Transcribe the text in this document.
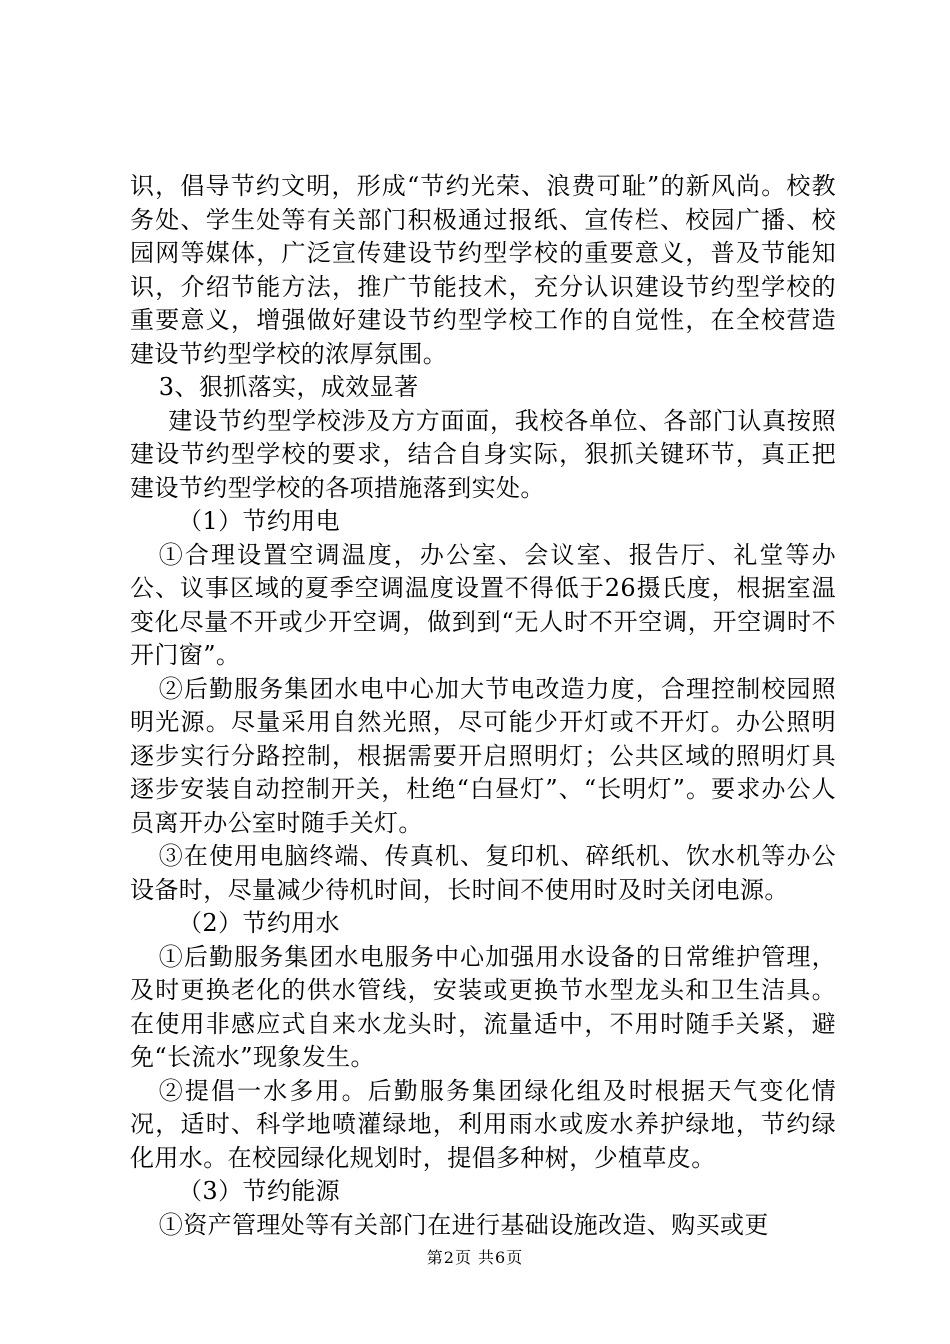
识，倡导节约文明，形成“节约光荣、浪费可耻”的新风尚。校教务处、学生处等有关部门积极通过报纸、宣传栏、校园广播、校园网等媒体，广泛宣传建设节约型学校的重要意义，普及节能知识，介绍节能方法，推广节能技术，充分认识建设节约型学校的重要意义，增强做好建设节约型学校工作的自觉性，在全校营造建设节约型学校的浓厚氛围。

3、狠抓落实，成效显著

建设节约型学校涉及方方面面，我校各单位、各部门认真按照建设节约型学校的要求，结合自身实际，狠抓关键环节，真正把建设节约型学校的各项措施落到实处。

（1）节约用电

①合理设置空调温度，办公室、会议室、报告厅、礼堂等办公、议事区域的夏季空调温度设置不得低于26摄氏度，根据室温变化尽量不开或少开空调，做到到“无人时不开空调，开空调时不开门窗”。

②后勤服务集团水电中心加大节电改造力度，合理控制校园照明光源。尽量采用自然光照，尽可能少开灯或不开灯。办公照明逐步实行分路控制，根据需要开启照明灯；公共区域的照明灯具逐步安装自动控制开关，杜绝“白昼灯”、“长明灯”。要求办公人员离开办公室时随手关灯。

③在使用电脑终端、传真机、复印机、碎纸机、饮水机等办公设备时，尽量减少待机时间，长时间不使用时及时关闭电源。

（2）节约用水

①后勤服务集团水电服务中心加强用水设备的日常维护管理，及时更换老化的供水管线，安装或更换节水型龙头和卫生洁具。在使用非感应式自来水龙头时，流量适中，不用时随手关紧，避免“长流水”现象发生。

②提倡一水多用。后勤服务集团绿化组及时根据天气变化情况，适时、科学地喷灌绿地，利用雨水或废水养护绿地，节约绿化用水。在校园绿化规划时，提倡多种树，少植草皮。

（3）节约能源

①资产管理处等有关部门在进行基础设施改造、购买或更

第2页 共6页
